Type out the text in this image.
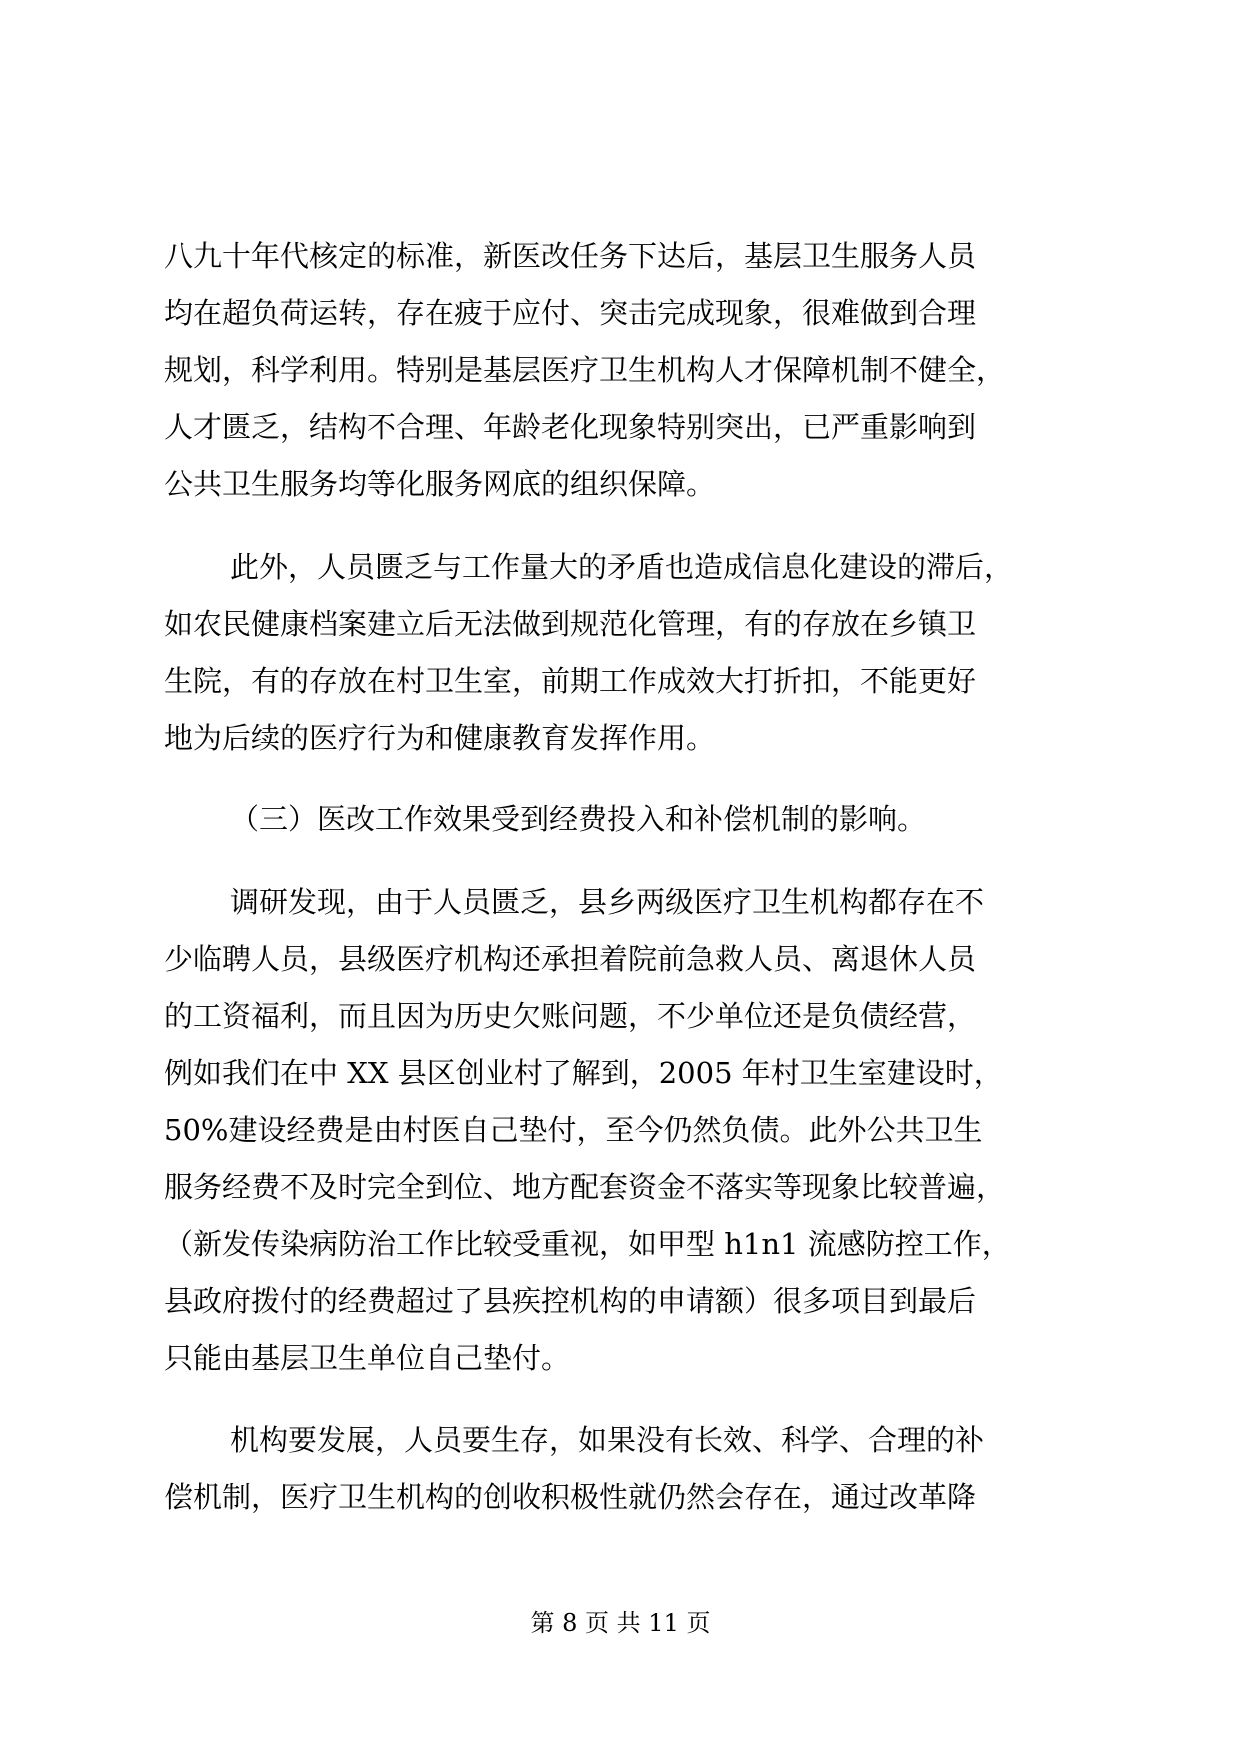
八九十年代核定的标准，新医改任务下达后，基层卫生服务人员
均在超负荷运转，存在疲于应付、突击完成现象，很难做到合理
规划，科学利用。特别是基层医疗卫生机构人才保障机制不健全，
人才匮乏，结构不合理、年龄老化现象特别突出，已严重影响到
公共卫生服务均等化服务网底的组织保障。
此外，人员匮乏与工作量大的矛盾也造成信息化建设的滞后，
如农民健康档案建立后无法做到规范化管理，有的存放在乡镇卫
生院，有的存放在村卫生室，前期工作成效大打折扣，不能更好
地为后续的医疗行为和健康教育发挥作用。
（三）医改工作效果受到经费投入和补偿机制的影响。
调研发现，由于人员匮乏，县乡两级医疗卫生机构都存在不
少临聘人员，县级医疗机构还承担着院前急救人员、离退休人员
的工资福利，而且因为历史欠账问题，不少单位还是负债经营，
例如我们在中 XX 县区创业村了解到，2005 年村卫生室建设时，
50%建设经费是由村医自己垫付，至今仍然负债。此外公共卫生
服务经费不及时完全到位、地方配套资金不落实等现象比较普遍，
（新发传染病防治工作比较受重视，如甲型 h1n1 流感防控工作，
县政府拨付的经费超过了县疾控机构的申请额）很多项目到最后
只能由基层卫生单位自己垫付。
机构要发展，人员要生存，如果没有长效、科学、合理的补
偿机制，医疗卫生机构的创收积极性就仍然会存在，通过改革降
第 8 页 共 11 页
